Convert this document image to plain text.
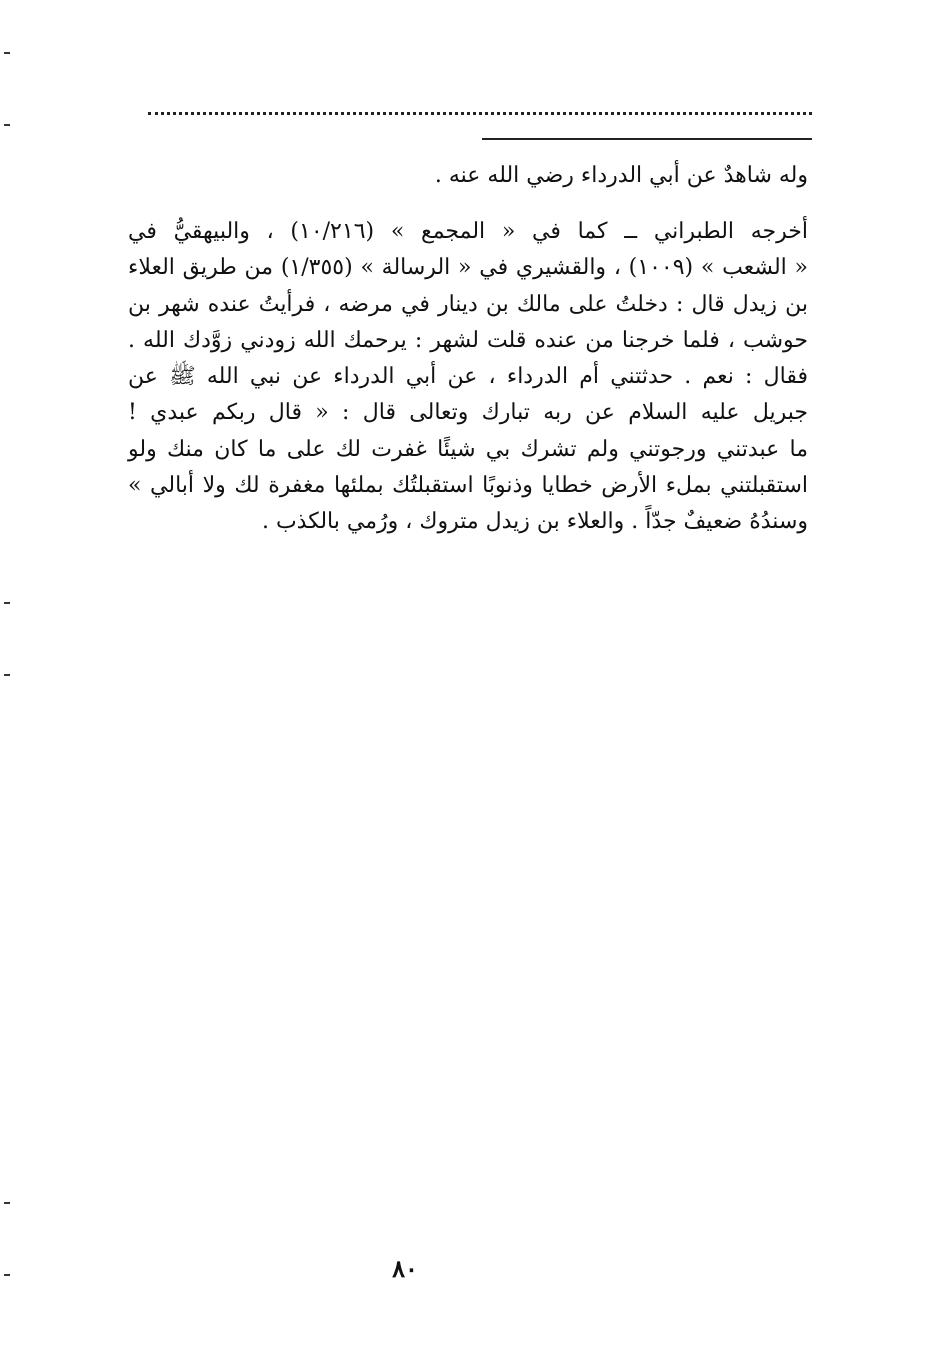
وله شاهدٌ عن أبي الدرداء رضي الله عنه .
أخرجه الطبراني ــ كما في « المجمع » (١٠/٢١٦) ، والبيهقيُّ في
« الشعب » (١٠٠٩) ، والقشيري في « الرسالة » (١/٣٥٥) من طريق العلاء
بن زيدل قال : دخلتُ على مالك بن دينار في مرضه ، فرأيتُ عنده شهر بن
حوشب ، فلما خرجنا من عنده قلت لشهر : يرحمك الله زودني زوَّدك الله .
فقال : نعم . حدثتني أم الدرداء ، عن أبي الدرداء عن نبي الله ﷺ عن
جبريل عليه السلام عن ربه تبارك وتعالى قال : « قال ربكم عبدي !
ما عبدتني ورجوتني ولم تشرك بي شيئًا غفرت لك على ما كان منك ولو
استقبلتني بملء الأرض خطايا وذنوبًا استقبلتُك بملئها مغفرة لك ولا أبالي »
وسندُهُ ضعيفٌ جدّاً . والعلاء بن زيدل متروك ، ورُمي بالكذب .
٨٠
